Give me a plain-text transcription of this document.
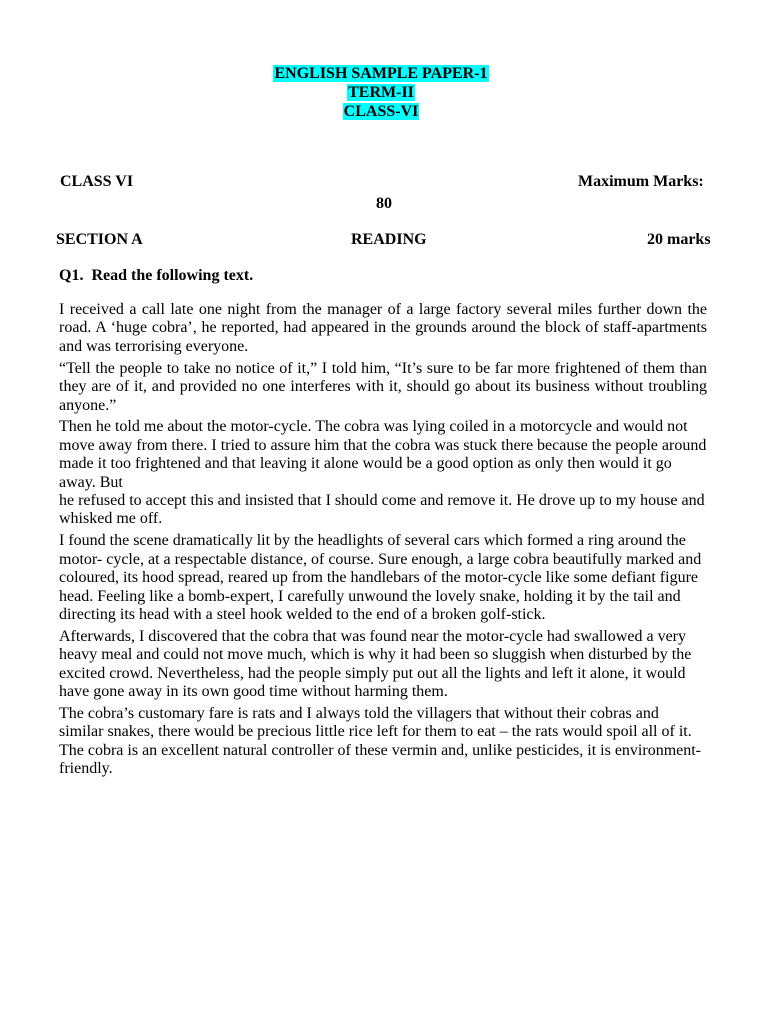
ENGLISH SAMPLE PAPER-1
TERM-II
CLASS-VI
CLASS VI	Maximum Marks:
80
SECTION A	READING	20 marks
Q1. Read the following text.

I received a call late one night from the manager of a large factory several miles further down the road. A ‘huge cobra’, he reported, had appeared in the grounds around the block of staff-apartments and was terrorising everyone.

“Tell the people to take no notice of it,” I told him, “It’s sure to be far more frightened of them than they are of it, and provided no one interferes with it, should go about its business without troubling anyone.”

Then he told me about the motor-cycle. The cobra was lying coiled in a motorcycle and would not move away from there. I tried to assure him that the cobra was stuck there because the people around made it too frightened and that leaving it alone would be a good option as only then would it go away. But

he refused to accept this and insisted that I should come and remove it. He drove up to my house and whisked me off.

I found the scene dramatically lit by the headlights of several cars which formed a ring around the motor- cycle, at a respectable distance, of course. Sure enough, a large cobra beautifully marked and coloured, its hood spread, reared up from the handlebars of the motor-cycle like some defiant figure head. Feeling like a bomb-expert, I carefully unwound the lovely snake, holding it by the tail and directing its head with a steel hook welded to the end of a broken golf-stick.

Afterwards, I discovered that the cobra that was found near the motor-cycle had swallowed a very heavy meal and could not move much, which is why it had been so sluggish when disturbed by the excited crowd. Nevertheless, had the people simply put out all the lights and left it alone, it would have gone away in its own good time without harming them.

The cobra’s customary fare is rats and I always told the villagers that without their cobras and similar snakes, there would be precious little rice left for them to eat – the rats would spoil all of it. The cobra is an excellent natural controller of these vermin and, unlike pesticides, it is environment-friendly.
